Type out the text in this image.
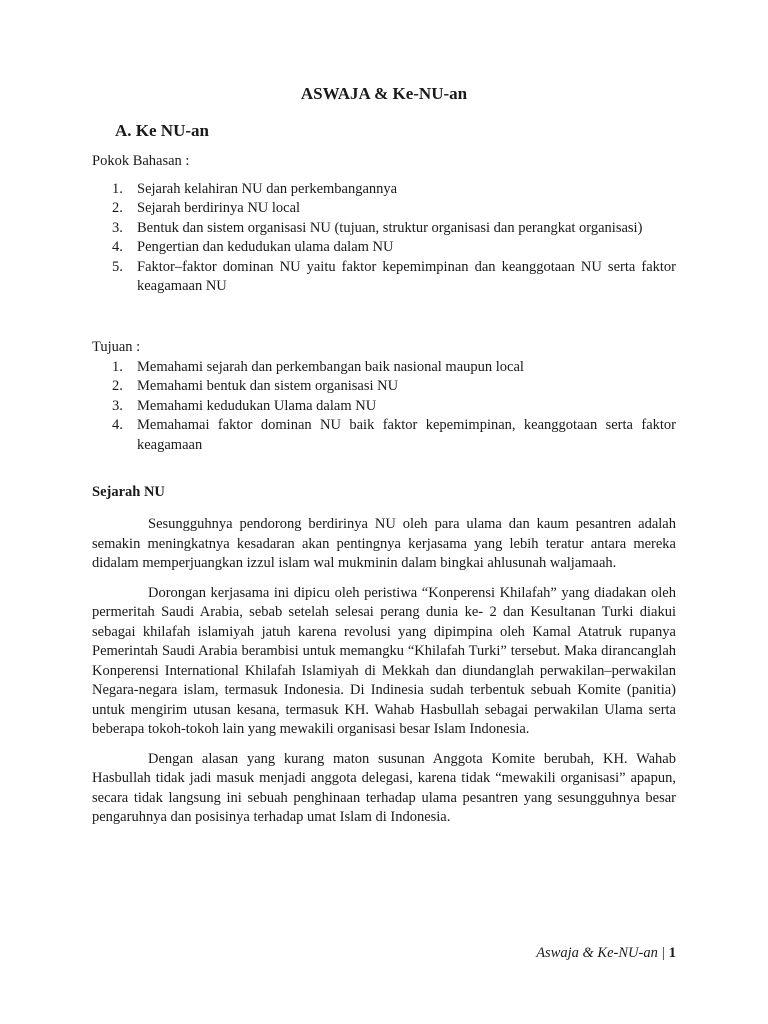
ASWAJA & Ke-NU-an
A. Ke NU-an

Pokok Bahasan :

1. Sejarah kelahiran NU dan perkembangannya
2. Sejarah berdirinya NU local
3. Bentuk dan sistem organisasi NU (tujuan, struktur organisasi dan perangkat organisasi)
4. Pengertian dan kedudukan ulama dalam NU
5. Faktor–faktor dominan NU yaitu faktor kepemimpinan dan keanggotaan NU serta faktor keagamaan NU

Tujuan :

1. Memahami sejarah dan perkembangan baik nasional maupun local
2. Memahami bentuk dan sistem organisasi NU
3. Memahami kedudukan Ulama dalam NU
4. Memahamai faktor dominan NU baik faktor kepemimpinan, keanggotaan serta faktor keagamaan
Sejarah NU

Sesungguhnya pendorong berdirinya NU oleh para ulama dan kaum pesantren adalah semakin meningkatnya kesadaran akan pentingnya kerjasama yang lebih teratur antara mereka didalam memperjuangkan izzul islam wal mukminin dalam bingkai ahlusunah waljamaah.

Dorongan kerjasama ini dipicu oleh peristiwa “Konperensi Khilafah” yang diadakan oleh permeritah Saudi Arabia, sebab setelah selesai perang dunia ke- 2 dan Kesultanan Turki diakui sebagai khilafah islamiyah jatuh karena revolusi yang dipimpina oleh Kamal Atatruk rupanya Pemerintah Saudi Arabia berambisi untuk memangku “Khilafah Turki” tersebut. Maka dirancanglah Konperensi International Khilafah Islamiyah di Mekkah dan diundanglah perwakilan–perwakilan Negara-negara islam, termasuk Indonesia. Di Indinesia sudah terbentuk sebuah Komite (panitia) untuk mengirim utusan kesana, termasuk KH. Wahab Hasbullah sebagai perwakilan Ulama serta beberapa tokoh-tokoh lain yang mewakili organisasi besar Islam Indonesia.

Dengan alasan yang kurang maton susunan Anggota Komite berubah, KH. Wahab Hasbullah tidak jadi masuk menjadi anggota delegasi, karena tidak “mewakili organisasi” apapun, secara tidak langsung ini sebuah penghinaan terhadap ulama pesantren yang sesungguhnya besar pengaruhnya dan posisinya terhadap umat Islam di Indonesia.

Aswaja & Ke-NU-an | 1
